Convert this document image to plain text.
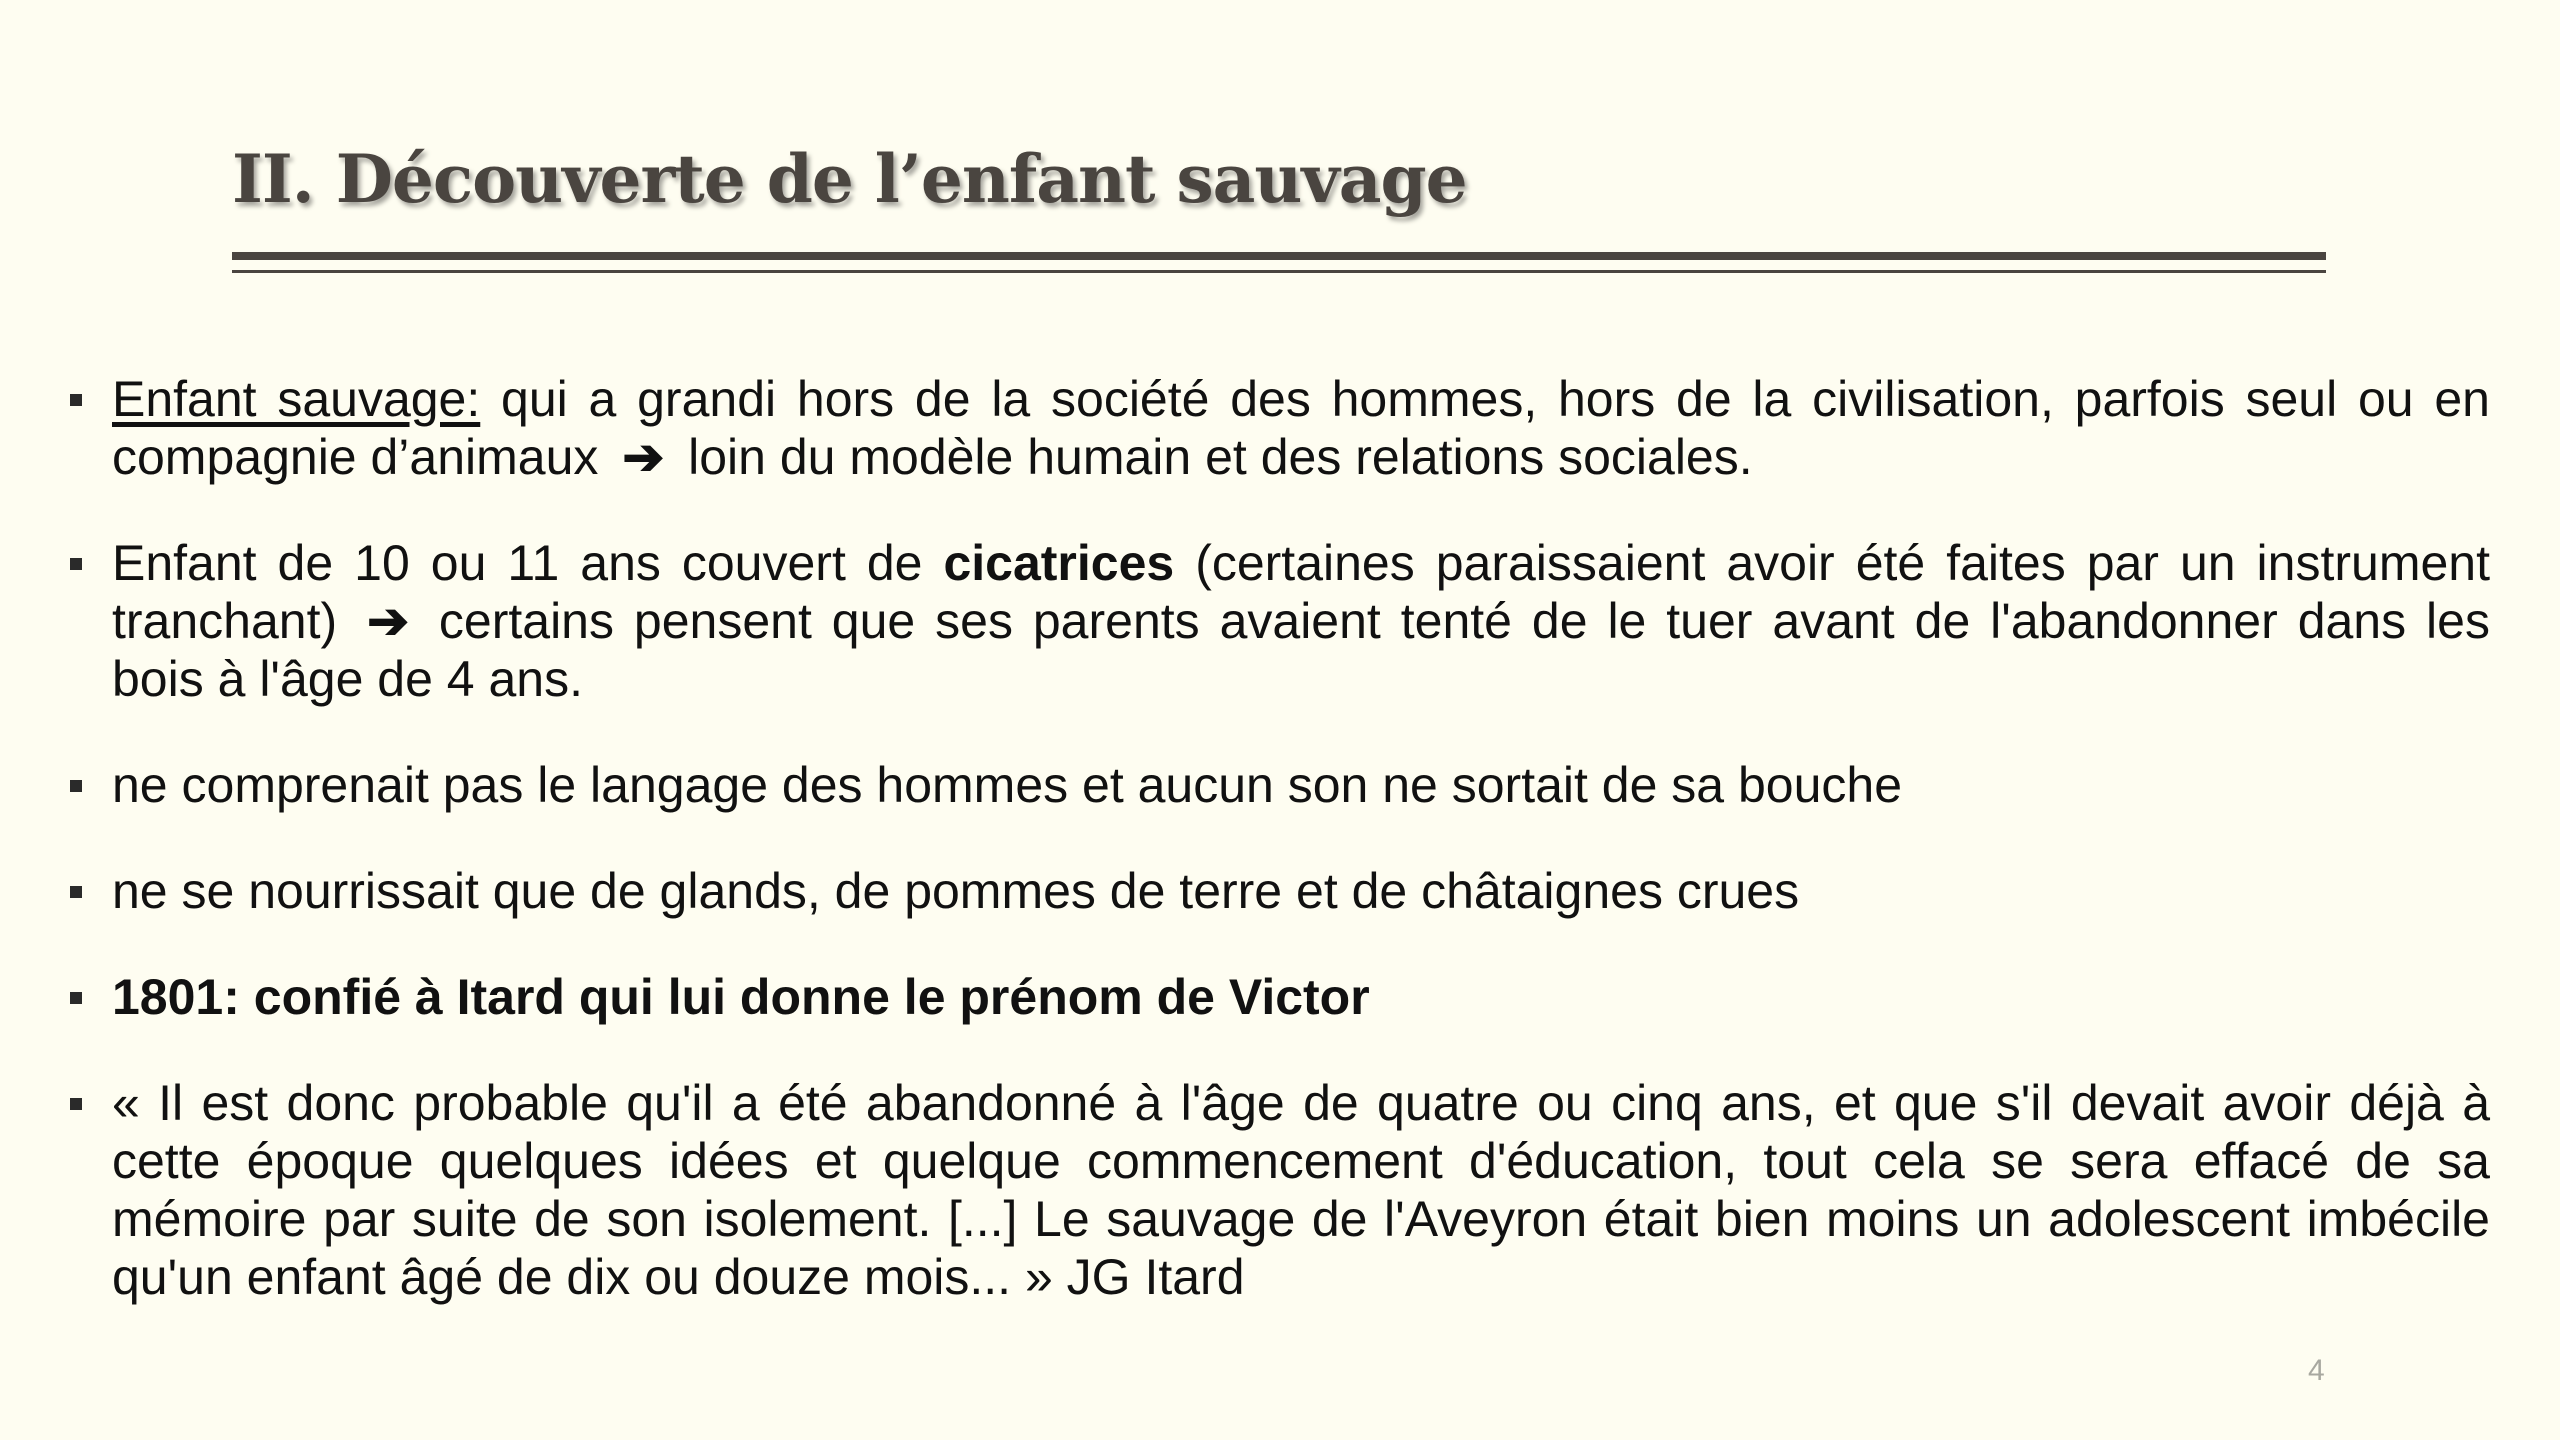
II. Découverte de l’enfant sauvage
Enfant sauvage: qui a grandi hors de la société des hommes, hors de la civilisation, parfois seul ou en compagnie d’animaux ➔ loin du modèle humain et des relations sociales.
Enfant de 10 ou 11 ans couvert de cicatrices (certaines paraissaient avoir été faites par un instrument tranchant) ➔ certains pensent que ses parents avaient tenté de le tuer avant de l'abandonner dans les bois à l'âge de 4 ans.
ne comprenait pas le langage des hommes et aucun son ne sortait de sa bouche
ne se nourrissait que de glands, de pommes de terre et de châtaignes crues
1801: confié à Itard qui lui donne le prénom de Victor
« Il est donc probable qu'il a été abandonné à l'âge de quatre ou cinq ans, et que s'il devait avoir déjà à cette époque quelques idées et quelque commencement d'éducation, tout cela se sera effacé de sa mémoire par suite de son isolement. [...] Le sauvage de l'Aveyron était bien moins un adolescent imbécile qu'un enfant âgé de dix ou douze mois... » JG Itard
4
